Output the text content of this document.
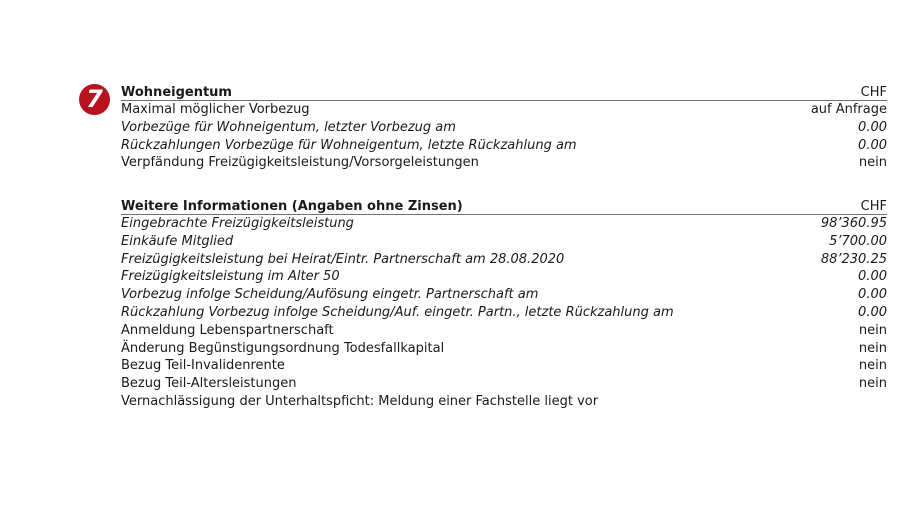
7	Wohneigentum	CHF
Maximal möglicher Vorbezug	auf Anfrage
Vorbezüge für Wohneigentum, letzter Vorbezug am	0.00
Rückzahlungen Vorbezüge für Wohneigentum, letzte Rückzahlung am	0.00
Verpfändung Freizügigkeitsleistung/Vorsorgeleistungen	nein
Weitere Informationen (Angaben ohne Zinsen)	CHF
Eingebrachte Freizügigkeitsleistung	98’360.95
Einkäufe Mitglied	5’700.00
Freizügigkeitsleistung bei Heirat/Eintr. Partnerschaft am 28.08.2020	88’230.25
Freizügigkeitsleistung im Alter 50	0.00
Vorbezug infolge Scheidung/Aufösung eingetr. Partnerschaft am	0.00
Rückzahlung Vorbezug infolge Scheidung/Auf. eingetr. Partn., letzte Rückzahlung am	0.00
Anmeldung Lebenspartnerschaft	nein
Änderung Begünstigungsordnung Todesfallkapital	nein
Bezug Teil-Invalidenrente	nein
Bezug Teil-Altersleistungen	nein
Vernachlässigung der Unterhaltspficht: Meldung einer Fachstelle liegt vor
